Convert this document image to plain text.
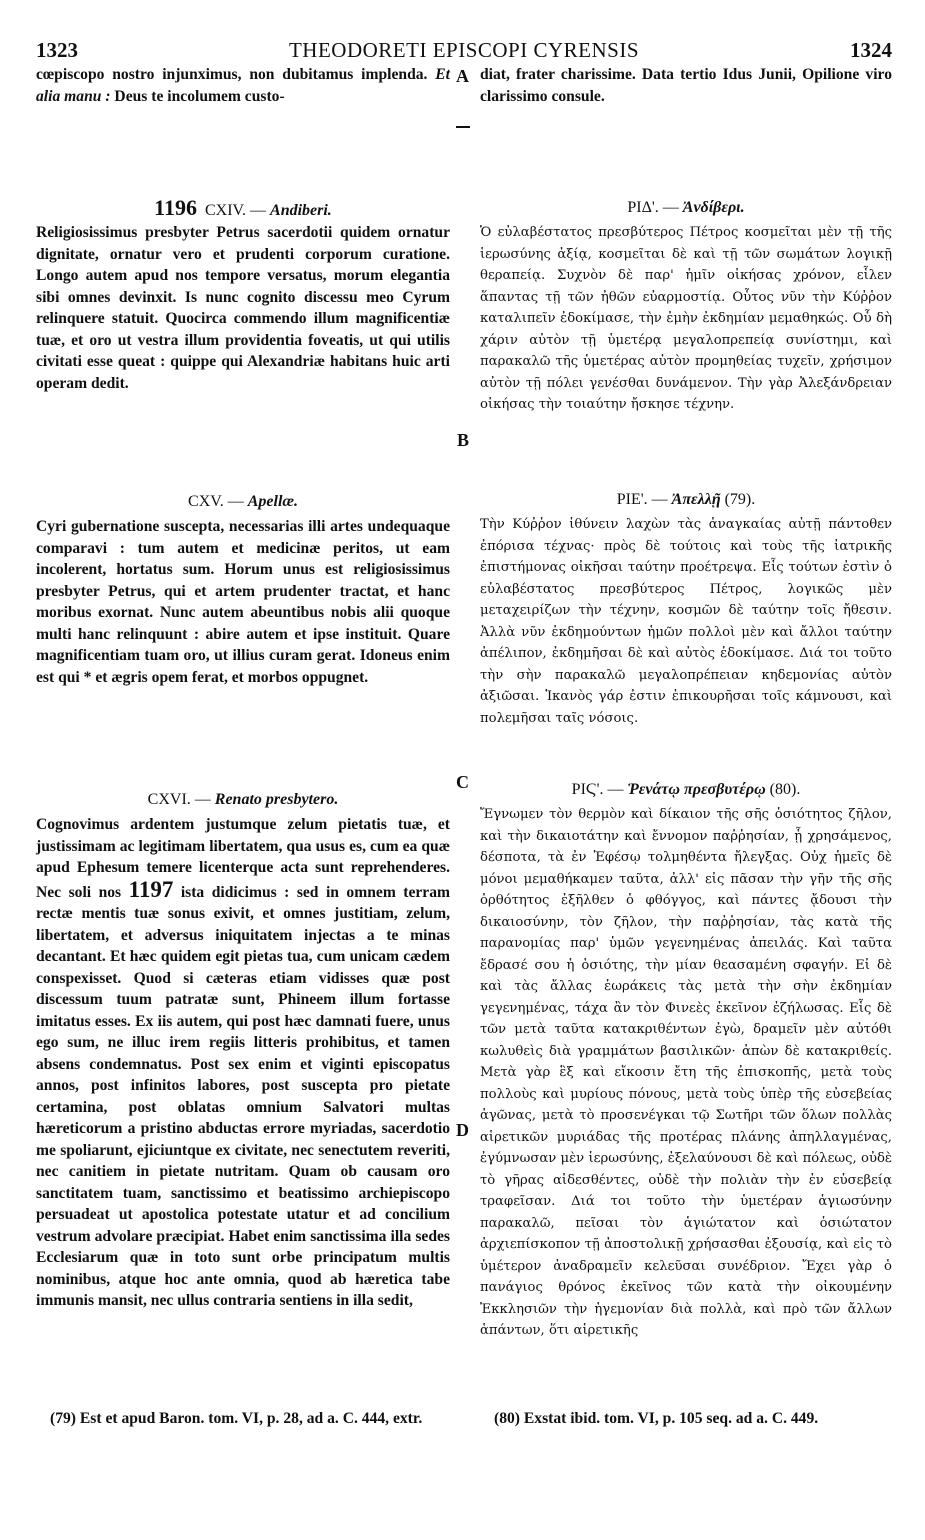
1323	THEODORETI EPISCOPI CYRENSIS	1324
A
B
C
D

cœpiscopo nostro injunximus, non dubitamus implenda. Et alia manu : Deus te incolumem custo-

1196 CXIV. — Andiberi.

Religiosissimus presbyter Petrus sacerdotii quidem ornatur dignitate, ornatur vero et prudenti corporum curatione. Longo autem apud nos tempore versatus, morum elegantia sibi omnes devinxit. Is nunc cognito discessu meo Cyrum relinquere statuit. Quocirca commendo illum magnificentiæ tuæ, et oro ut vestra illum providentia foveatis, ut qui utilis civitati esse queat : quippe qui Alexandriæ habitans huic arti operam dedit.

CXV. — Apellæ.

Cyri gubernatione suscepta, necessarias illi artes undequaque comparavi : tum autem et medicinæ peritos, ut eam incolerent, hortatus sum. Horum unus est religiosissimus presbyter Petrus, qui et artem prudenter tractat, et hanc moribus exornat. Nunc autem abeuntibus nobis alii quoque multi hanc relinquunt : abire autem et ipse instituit. Quare magnificentiam tuam oro, ut illius curam gerat. Idoneus enim est qui * et ægris opem ferat, et morbos oppugnet.

CXVI. — Renato presbytero.

Cognovimus ardentem justumque zelum pietatis tuæ, et justissimam ac legitimam libertatem, qua usus es, cum ea quæ apud Ephesum temere licenterque acta sunt reprehenderes. Nec soli nos 1197 ista didicimus : sed in omnem terram rectæ mentis tuæ sonus exivit, et omnes justitiam, zelum, libertatem, et adversus iniquitatem injectas a te minas decantant. Et hæc quidem egit pietas tua, cum unicam cædem conspexisset. Quod si cæteras etiam vidisses quæ post discessum tuum patratæ sunt, Phineem illum fortasse imitatus esses. Ex iis autem, qui post hæc damnati fuere, unus ego sum, ne illuc irem regiis litteris prohibitus, et tamen absens condemnatus. Post sex enim et viginti episcopatus annos, post infinitos labores, post suscepta pro pietate certamina, post oblatas omnium Salvatori multas hæreticorum a pristino abductas errore myriadas, sacerdotio me spoliarunt, ejiciuntque ex civitate, nec senectutem reveriti, nec canitiem in pietate nutritam. Quam ob causam oro sanctitatem tuam, sanctissimo et beatissimo archiepiscopo persuadeat ut apostolica potestate utatur et ad concilium vestrum advolare præcipiat. Habet enim sanctissima illa sedes Ecclesiarum quæ in toto sunt orbe principatum multis nominibus, atque hoc ante omnia, quod ab hæretica tabe immunis mansit, nec ullus contraria sentiens in illa sedit,

(79) Est et apud Baron. tom. VI, p. 28, ad a. C. 444, extr.

diat, frater charissime. Data tertio Idus Junii, Opilione viro clarissimo consule.

ΡΙΔ'. — Ἀνδίβερι.

Ὁ εὐλαβέστατος πρεσβύτερος Πέτρος κοσμεῖται μὲν τῇ τῆς ἱερωσύνης ἀξίᾳ, κοσμεῖται δὲ καὶ τῇ τῶν σωμάτων λογικῇ θεραπείᾳ. Συχνὸν δὲ παρ' ἡμῖν οἰκήσας χρόνον, εἷλεν ἅπαντας τῇ τῶν ἠθῶν εὐαρμοστίᾳ. Οὗτος νῦν τὴν Κύῤῥον καταλιπεῖν ἐδοκίμασε, τὴν ἐμὴν ἐκδημίαν μεμαθηκώς. Οὗ δὴ χάριν αὐτὸν τῇ ὑμετέρᾳ μεγαλοπρεπείᾳ συνίστημι, καὶ παρακαλῶ τῆς ὑμετέρας αὐτὸν προμηθείας τυχεῖν, χρήσιμον αὐτὸν τῇ πόλει γενέσθαι δυνάμενον. Τὴν γὰρ Ἀλεξάνδρειαν οἰκήσας τὴν τοιαύτην ἤσκησε τέχνην.

ΡΙΕ'. — Ἀπελλῇ (79).

Τὴν Κύῤῥον ἰθύνειν λαχὼν τὰς ἀναγκαίας αὐτῇ πάντοθεν ἐπόρισα τέχνας· πρὸς δὲ τούτοις καὶ τοὺς τῆς ἰατρικῆς ἐπιστήμονας οἰκῆσαι ταύτην προέτρεψα. Εἷς τούτων ἐστὶν ὁ εὐλαβέστατος πρεσβύτερος Πέτρος, λογικῶς μὲν μεταχειρίζων τὴν τέχνην, κοσμῶν δὲ ταύτην τοῖς ἤθεσιν. Ἀλλὰ νῦν ἐκδημούντων ἡμῶν πολλοὶ μὲν καὶ ἄλλοι ταύτην ἀπέλιπον, ἐκδημῆσαι δὲ καὶ αὐτὸς ἐδοκίμασε. Διά τοι τοῦτο τὴν σὴν παρακαλῶ μεγαλοπρέπειαν κηδεμονίας αὐτὸν ἀξιῶσαι. Ἱκανὸς γάρ ἐστιν ἐπικουρῆσαι τοῖς κάμνουσι, καὶ πολεμῆσαι ταῖς νόσοις.

ΡΙϚ'. — Ῥενάτῳ πρεσβυτέρῳ (80).

Ἔγνωμεν τὸν θερμὸν καὶ δίκαιον τῆς σῆς ὁσιότητος ζῆλον, καὶ τὴν δικαιοτάτην καὶ ἔννομον παῤῥησίαν, ᾗ χρησάμενος, δέσποτα, τὰ ἐν Ἐφέσῳ τολμηθέντα ἤλεγξας. Οὐχ ἡμεῖς δὲ μόνοι μεμαθήκαμεν ταῦτα, ἀλλ' εἰς πᾶσαν τὴν γῆν τῆς σῆς ὀρθότητος ἐξῆλθεν ὁ φθόγγος, καὶ πάντες ᾄδουσι τὴν δικαιοσύνην, τὸν ζῆλον, τὴν παῤῥησίαν, τὰς κατὰ τῆς παρανομίας παρ' ὑμῶν γεγενημένας ἀπειλάς. Καὶ ταῦτα ἔδρασέ σου ἡ ὁσιότης, τὴν μίαν θεασαμένη σφαγήν. Εἰ δὲ καὶ τὰς ἄλλας ἑωράκεις τὰς μετὰ τὴν σὴν ἐκδημίαν γεγενημένας, τάχα ἂν τὸν Φινεὲς ἐκεῖνον ἐζήλωσας. Εἷς δὲ τῶν μετὰ ταῦτα κατακριθέντων ἐγὼ, δραμεῖν μὲν αὐτόθι κωλυθεὶς διὰ γραμμάτων βασιλικῶν· ἀπὼν δὲ κατακριθείς. Μετὰ γὰρ ἓξ καὶ εἴκοσιν ἔτη τῆς ἐπισκοπῆς, μετὰ τοὺς πολλοὺς καὶ μυρίους πόνους, μετὰ τοὺς ὑπὲρ τῆς εὐσεβείας ἀγῶνας, μετὰ τὸ προσενέγκαι τῷ Σωτῆρι τῶν ὅλων πολλὰς αἱρετικῶν μυριάδας τῆς προτέρας πλάνης ἀπηλλαγμένας, ἐγύμνωσαν μὲν ἱερωσύνης, ἐξελαύνουσι δὲ καὶ πόλεως, οὐδὲ τὸ γῆρας αἰδεσθέντες, οὐδὲ τὴν πολιὰν τὴν ἐν εὐσεβείᾳ τραφεῖσαν. Διά τοι τοῦτο τὴν ὑμετέραν ἁγιωσύνην παρακαλῶ, πεῖσαι τὸν ἁγιώτατον καὶ ὁσιώτατον ἀρχιεπίσκοπον τῇ ἀποστολικῇ χρήσασθαι ἐξουσίᾳ, καὶ εἰς τὸ ὑμέτερον ἀναδραμεῖν κελεῦσαι συνέδριον. Ἔχει γὰρ ὁ πανάγιος θρόνος ἐκεῖνος τῶν κατὰ τὴν οἰκουμένην Ἐκκλησιῶν τὴν ἡγεμονίαν διὰ πολλὰ, καὶ πρὸ τῶν ἄλλων ἁπάντων, ὅτι αἱρετικῆς

(80) Exstat ibid. tom. VI, p. 105 seq. ad a. C. 449.
